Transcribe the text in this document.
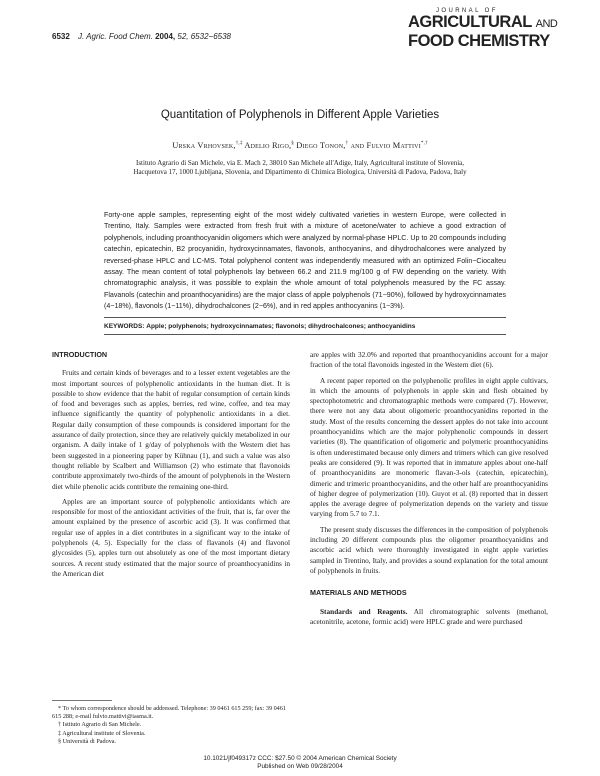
6532 J. Agric. Food Chem. 2004, 52, 6532−6538
JOURNAL OF
AGRICULTURAL AND
FOOD CHEMISTRY
Quantitation of Polyphenols in Different Apple Varieties
Urska Vrhovsek,†,‡ Adelio Rigo,§ Diego Tonon,† and Fulvio Mattivi*,†
Istituto Agrario di San Michele, via E. Mach 2, 38010 San Michele all'Adige, Italy, Agricultural institute of Slovenia, Hacquetova 17, 1000 Ljubljana, Slovenia, and Dipartimento di Chimica Biologica, Università di Padova, Padova, Italy
Forty-one apple samples, representing eight of the most widely cultivated varieties in western Europe, were collected in Trentino, Italy. Samples were extracted from fresh fruit with a mixture of acetone/water to achieve a good extraction of polyphenols, including proanthocyanidin oligomers which were analyzed by normal-phase HPLC. Up to 20 compounds including catechin, epicatechin, B2 procyanidin, hydroxycinnamates, flavonols, anthocyanins, and dihydrochalcones were analyzed by reversed-phase HPLC and LC-MS. Total polyphenol content was independently measured with an optimized Folin−Ciocalteu assay. The mean content of total polyphenols lay between 66.2 and 211.9 mg/100 g of FW depending on the variety. With chromatographic analysis, it was possible to explain the whole amount of total polyphenols measured by the FC assay. Flavanols (catechin and proanthocyanidins) are the major class of apple polyphenols (71−90%), followed by hydroxycinnamates (4−18%), flavonols (1−11%), dihydrochalcones (2−6%), and in red apples anthocyanins (1−3%).
KEYWORDS: Apple; polyphenols; hydroxycinnamates; flavonols; dihydrochalcones; anthocyanidins
INTRODUCTION

Fruits and certain kinds of beverages and to a lesser extent vegetables are the most important sources of polyphenolic antioxidants in the human diet. It is possible to show evidence that the habit of regular consumption of certain kinds of food and beverages such as apples, berries, red wine, coffee, and tea may influence significantly the quantity of polyphenolic antioxidants in a diet. Regular daily consumption of these compounds is considered important for the assurance of daily protection, since they are relatively quickly metabolized in our organism. A daily intake of 1 g/day of polyphenols with the Western diet has been suggested in a pioneering paper by Kühnau (1), and such a value was also thought reliable by Scalbert and Williamson (2) who estimate that flavonoids contribute approximately two-thirds of the amount of polyphenols in the Western diet while phenolic acids contribute the remaining one-third.

Apples are an important source of polyphenolic antioxidants which are responsible for most of the antioxidant activities of the fruit, that is, far over the amount explained by the presence of ascorbic acid (3). It was confirmed that regular use of apples in a diet contributes in a significant way to the intake of polyphenols (4, 5). Especially for the class of flavanols (4) and flavonol glycosides (5), apples turn out absolutely as one of the most important dietary sources. A recent study estimated that the major source of proanthocyanidins in the American diet

* To whom correspondence should be addressed. Telephone: 39 0461 615 259; fax: 39 0461 615 288; e-mail fulvio.mattivi@iasma.it.
† Istituto Agrario di San Michele.
‡ Agricultural institute of Slovenia.
§ Università di Padova.

are apples with 32.0% and reported that proanthocyanidins account for a major fraction of the total flavonoids ingested in the Western diet (6).

A recent paper reported on the polyphenolic profiles in eight apple cultivars, in which the amounts of polyphenols in apple skin and flesh obtained by spectophotometric and chromatographic methods were compared (7). However, there were not any data about oligomeric proanthocyanidins reported in the study. Most of the results concerning the dessert apples do not take into account proanthocyanidins which are the major polyphenolic compounds in dessert varieties (8). The quantification of oligomeric and polymeric proanthocyanidins is often underestimated because only dimers and trimers which can give resolved peaks are considered (9). It was reported that in immature apples about one-half of proanthocyanidins are monomeric flavan-3-ols (catechin, epicatechin), dimeric and trimeric proanthocyanidins, and the other half are proanthocyanidins of higher degree of polymerization (10). Guyot et al. (8) reported that in dessert apples the average degree of polymerization depends on the variety and tissue varying from 5.7 to 7.1.

The present study discusses the differences in the composition of polyphenols including 20 different compounds plus the oligomer proanthocyanidins and ascorbic acid which were thoroughly investigated in eight apple varieties sampled in Trentino, Italy, and provides a sound explanation for the total amount of polyphenols in fruits.

MATERIALS AND METHODS

Standards and Reagents. All chromatographic solvents (methanol, acetonitrile, acetone, formic acid) were HPLC grade and were purchased

10.1021/jf049317z CCC: $27.50 © 2004 American Chemical Society
Published on Web 09/28/2004
